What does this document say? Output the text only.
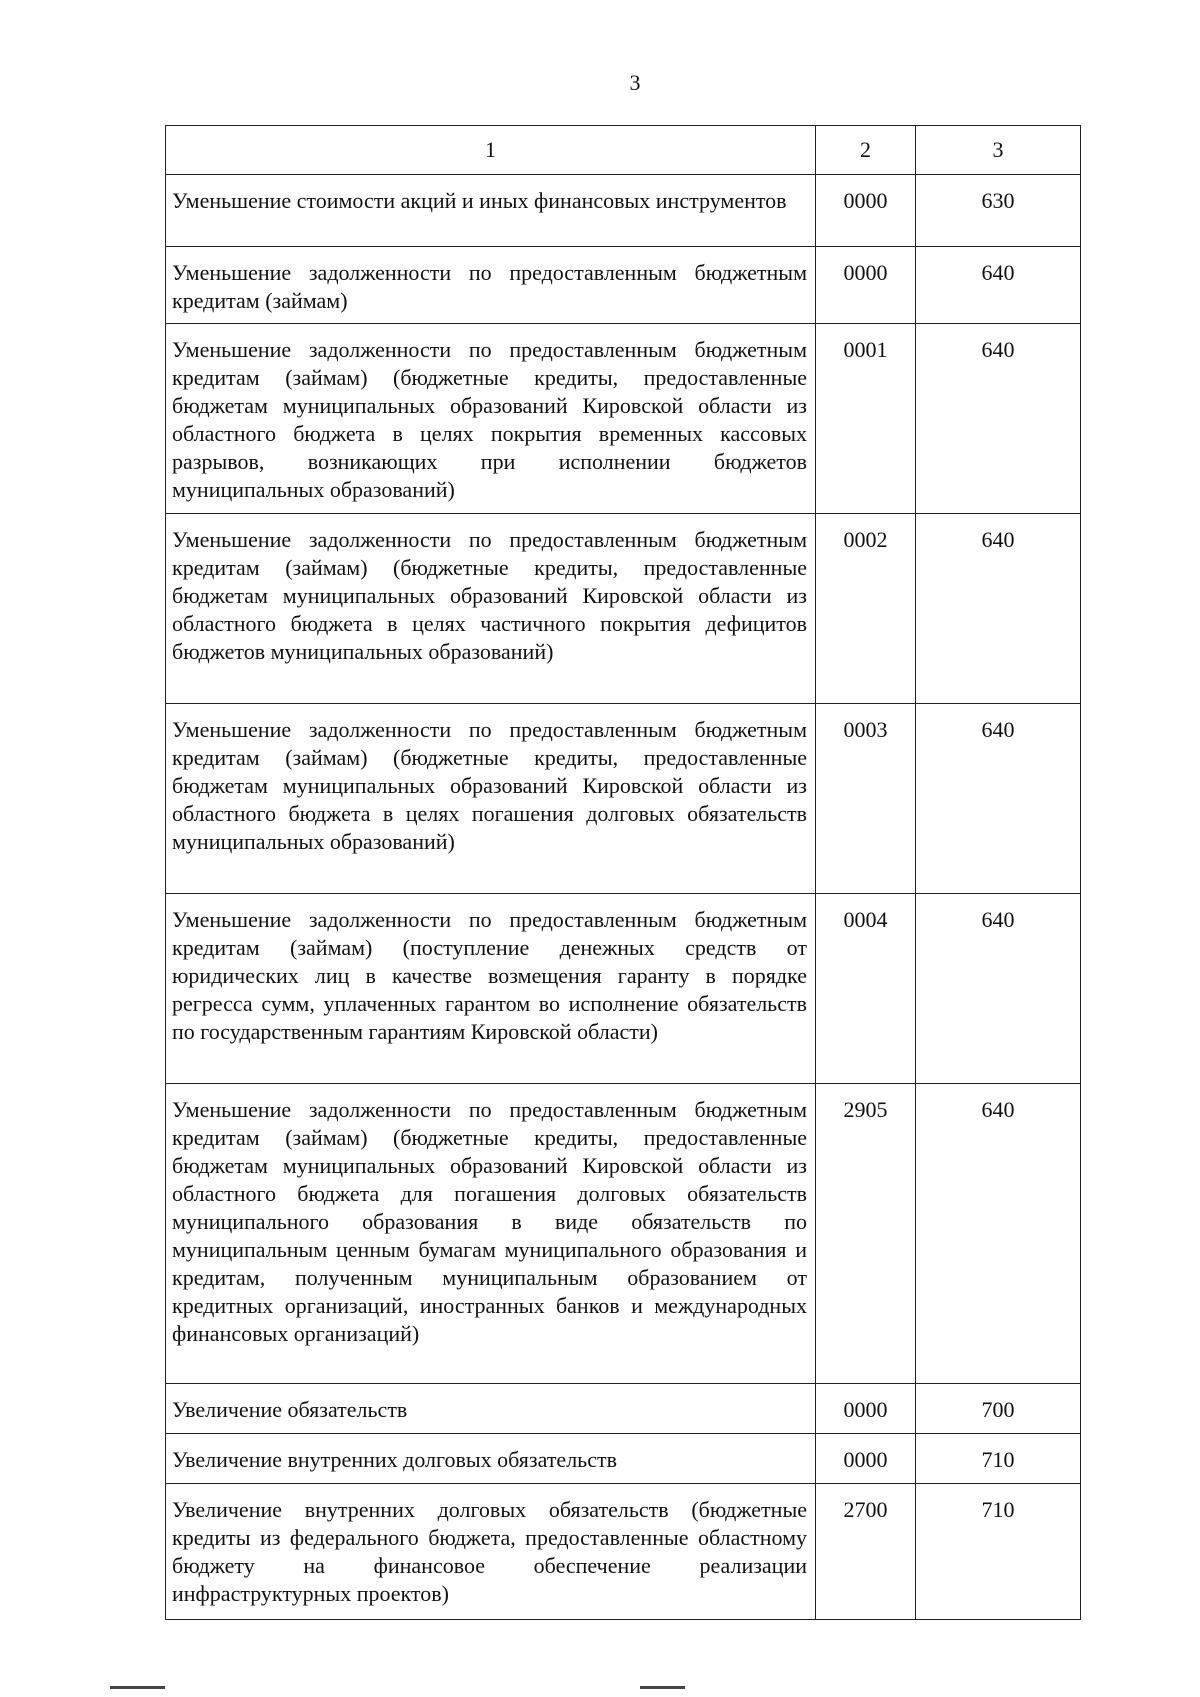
3
1	2	3
Уменьшение стоимости акций и иных финансовых инструментов	0000	630
Уменьшение задолженности по предоставленным бюджетным кредитам (займам)	0000	640
Уменьшение задолженности по предоставленным бюджетным кредитам (займам) (бюджетные кредиты, предоставленные бюджетам муниципальных образований Кировской области из областного бюджета в целях покрытия временных кассовых разрывов, возникающих при исполнении бюджетов муниципальных образований)	0001	640
Уменьшение задолженности по предоставленным бюджетным кредитам (займам) (бюджетные кредиты, предоставленные бюджетам муниципальных образований Кировской области из областного бюджета в целях частичного покрытия дефицитов бюджетов муниципальных образований)	0002	640
Уменьшение задолженности по предоставленным бюджетным кредитам (займам) (бюджетные кредиты, предоставленные бюджетам муниципальных образований Кировской области из областного бюджета в целях погашения долговых обязательств муниципальных образований)	0003	640
Уменьшение задолженности по предоставленным бюджетным кредитам (займам) (поступление денежных средств от юридических лиц в качестве возмещения гаранту в порядке регресса сумм, уплаченных гарантом во исполнение обязательств по государственным гарантиям Кировской области)	0004	640
Уменьшение задолженности по предоставленным бюджетным кредитам (займам) (бюджетные кредиты, предоставленные бюджетам муниципальных образований Кировской области из областного бюджета для погашения долговых обязательств муниципального образования в виде обязательств по муниципальным ценным бумагам муниципального образования и кредитам, полученным муниципальным образованием от кредитных организаций, иностранных банков и международных финансовых организаций)	2905	640
Увеличение обязательств	0000	700
Увеличение внутренних долговых обязательств	0000	710
Увеличение внутренних долговых обязательств (бюджетные кредиты из федерального бюджета, предоставленные областному бюджету на финансовое обеспечение реализации инфраструктурных проектов)	2700	710
